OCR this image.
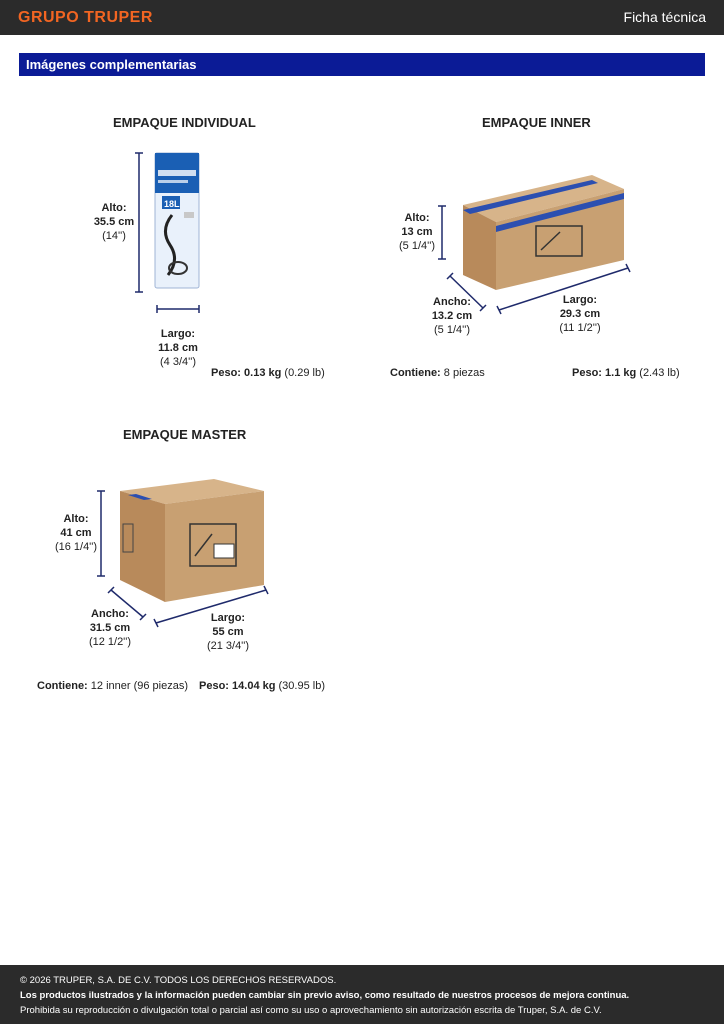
GRUPO TRUPER	Ficha técnica
Imágenes complementarias
18L
EMPAQUE INDIVIDUAL
Alto:
35.5 cm
(14'')
Largo:
11.8 cm
(4 3/4'')
Peso: 0.13 kg (0.29 lb)
EMPAQUE INNER
Alto:
13 cm
(5 1/4'')
Ancho:
13.2 cm
(5 1/4'')
Largo:
29.3 cm
(11 1/2'')
Contiene: 8 piezas	Peso: 1.1 kg (2.43 lb)
EMPAQUE MASTER
Alto:
41 cm
(16 1/4'')
Ancho:
31.5 cm
(12 1/2'')
Largo:
55 cm
(21 3/4'')
Contiene: 12 inner (96 piezas) Peso: 14.04 kg (30.95 lb)
© 2026 TRUPER, S.A. DE C.V. TODOS LOS DERECHOS RESERVADOS.
Los productos ilustrados y la información pueden cambiar sin previo aviso, como resultado de nuestros procesos de mejora continua.
Prohibida su reproducción o divulgación total o parcial así como su uso o aprovechamiento sin autorización escrita de Truper, S.A. de C.V.
